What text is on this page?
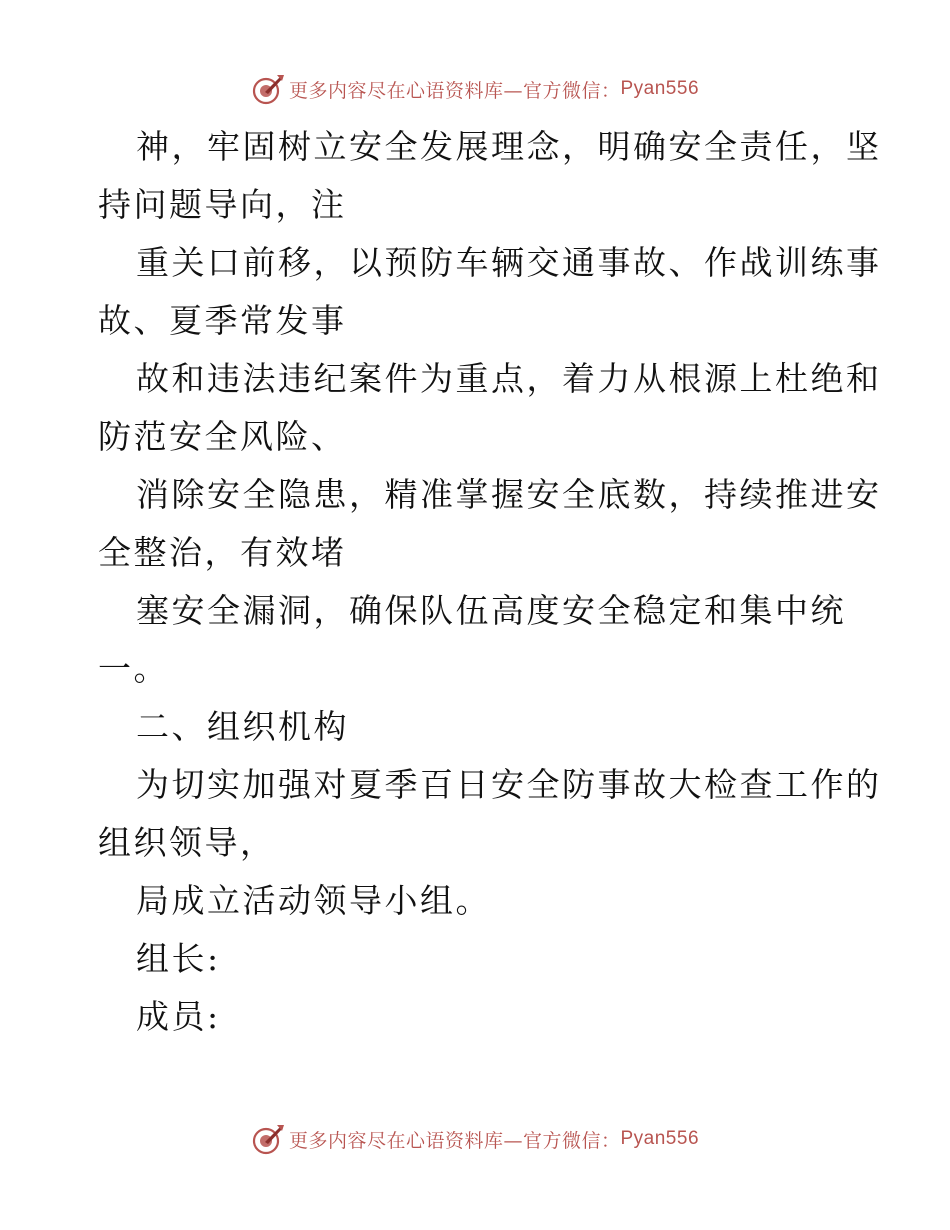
更多内容尽在心语资料库—官方微信： Pyan556

神，牢固树立安全发展理念，明确安全责任，坚

持问题导向，注

重关口前移，以预防车辆交通事故、作战训练事

故、夏季常发事

故和违法违纪案件为重点，着力从根源上杜绝和

防范安全风险、

消除安全隐患，精准掌握安全底数，持续推进安

全整治，有效堵

塞安全漏洞，确保队伍高度安全稳定和集中统

一。

二、组织机构

为切实加强对夏季百日安全防事故大检查工作的

组织领导，

局成立活动领导小组。

组长:

成员:

更多内容尽在心语资料库—官方微信： Pyan556
